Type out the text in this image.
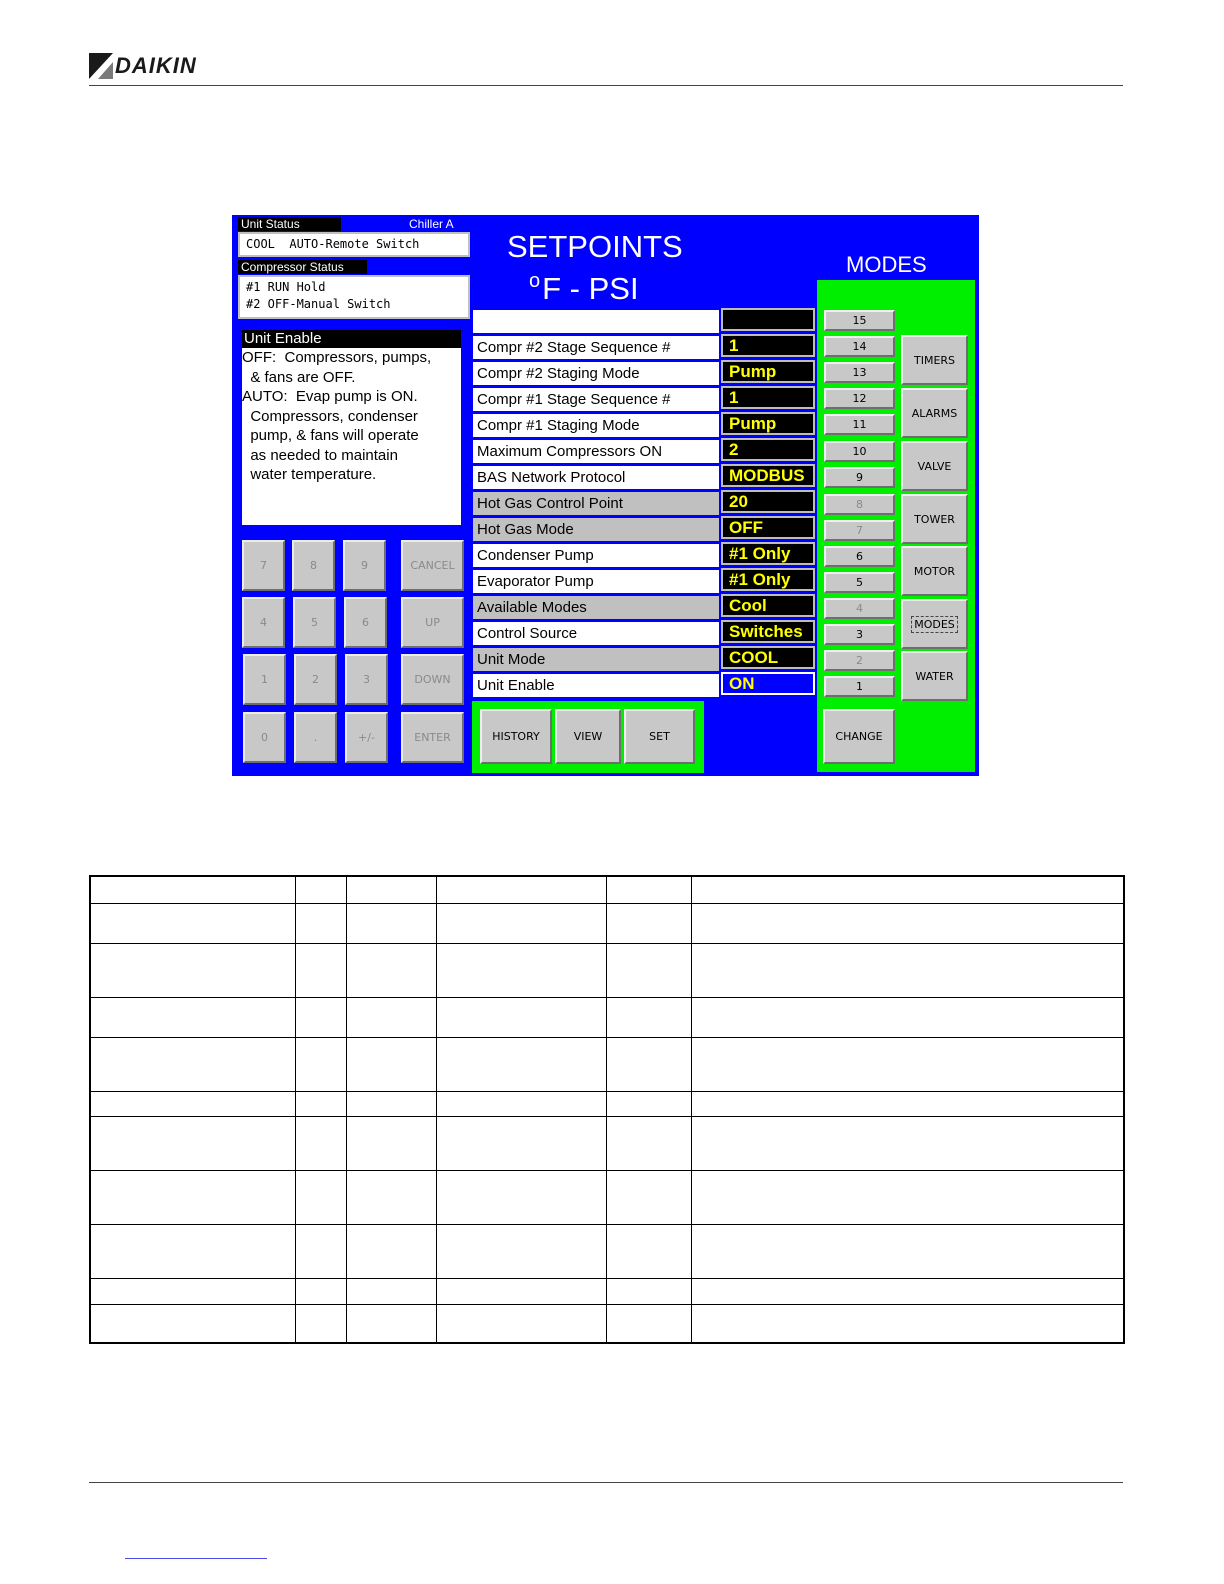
DAIKIN
Unit Status	Chiller A
COOL  AUTO-Remote Switch
Compressor Status
#1 RUN Hold
#2 OFF-Manual Switch
Unit Enable
OFF:  Compressors, pumps,
& fans are OFF.
AUTO:  Evap pump is ON.
Compressors, condenser
pump, & fans will operate
as needed to maintain
water temperature.
7	8	9	CANCEL
4	5	6	UP
1	2	3	DOWN
0	.	+/-	ENTER
SETPOINTS
$^o$F - PSI
MODES
Compr #2 Stage Sequence #	1
Compr #2 Staging Mode	Pump
Compr #1 Stage Sequence #	1
Compr #1 Staging Mode	Pump
Maximum Compressors ON	2
BAS Network Protocol	MODBUS
Hot Gas Control Point	20
Hot Gas Mode	OFF
Condenser Pump	#1 Only
Evaporator Pump	#1 Only
Available Modes	Cool
Control Source	Switches
Unit Mode	COOL
Unit Enable	ON
15
14
13
12
11
10
9
8
7
6
5
4
3
2
1
TIMERS
ALARMS
VALVE
TOWER
MOTOR
MODES
WATER
HISTORY	VIEW	SET	CHANGE
